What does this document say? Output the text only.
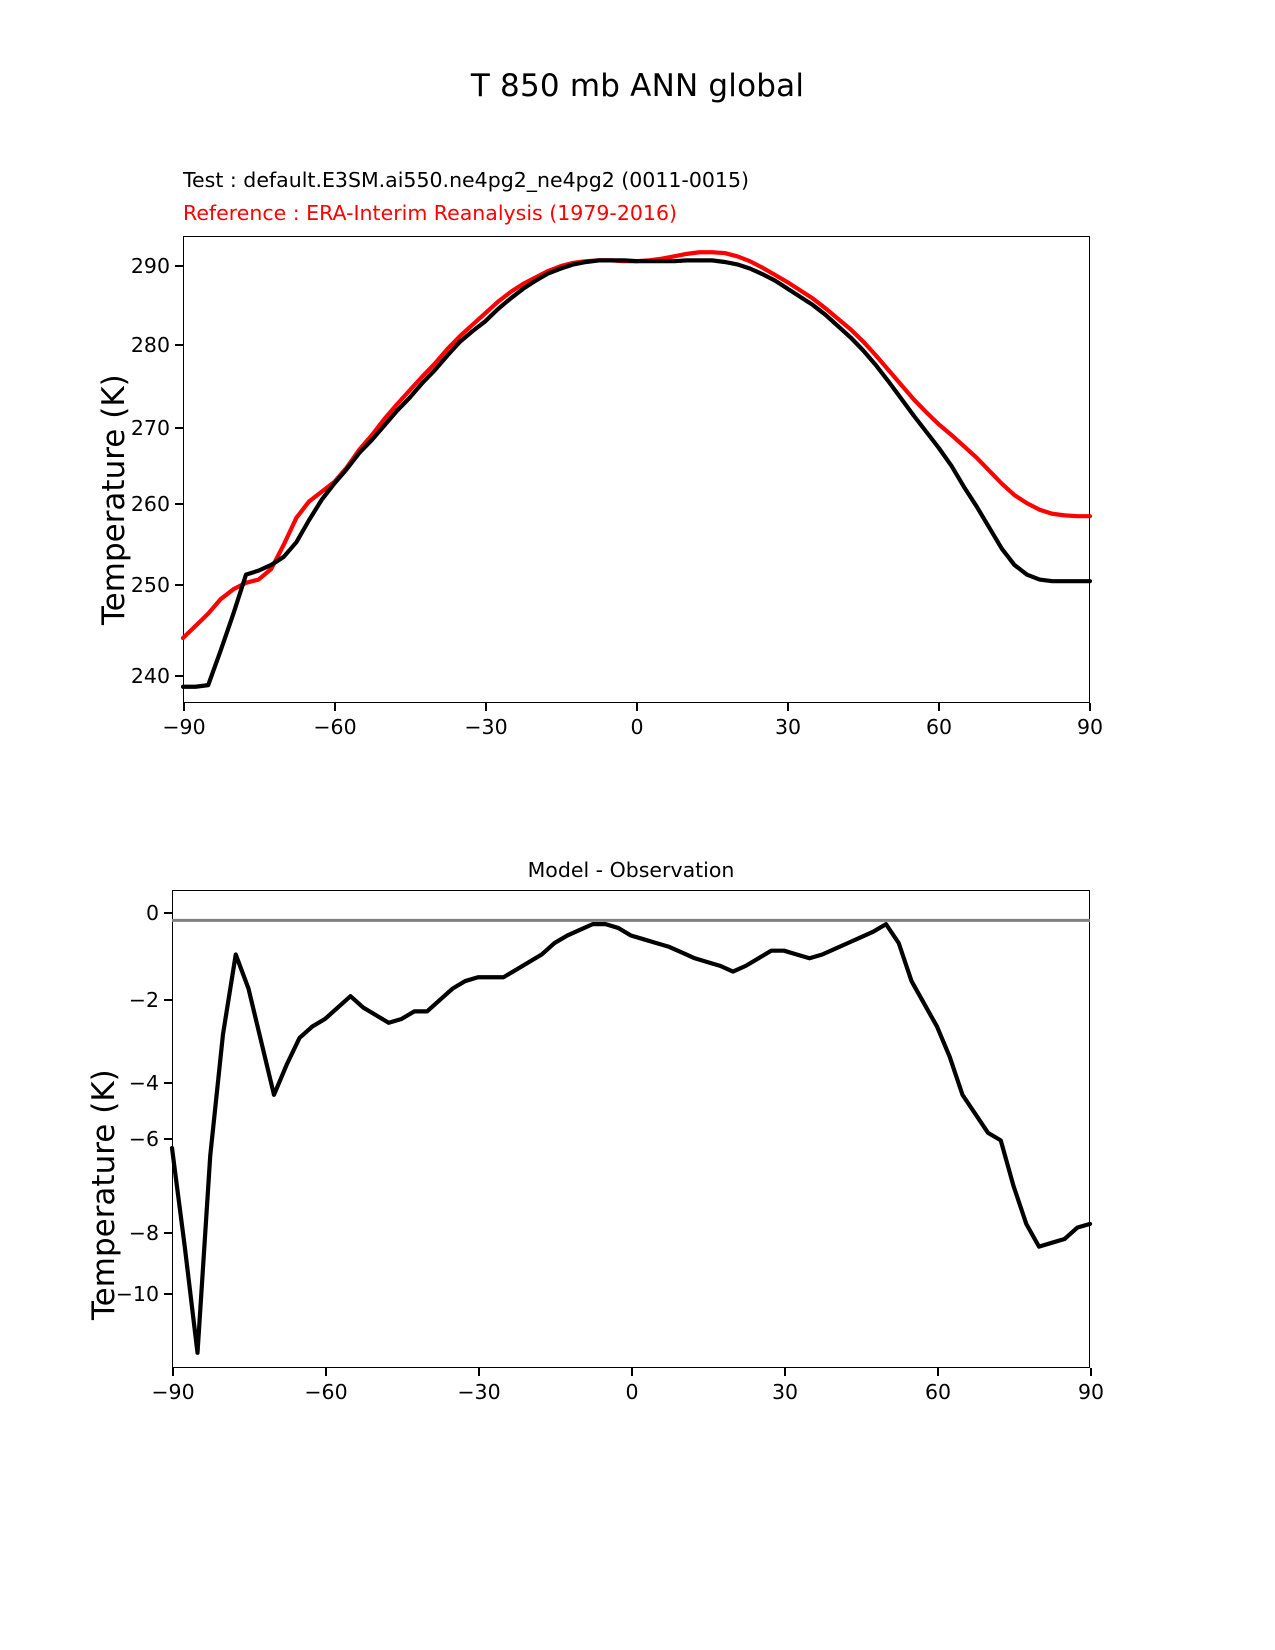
T 850 mb ANN global
Test : default.E3SM.ai550.ne4pg2_ne4pg2 (0011-0015)
Reference : ERA-Interim Reanalysis (1979-2016)
Temperature (K)
240
250
260
270
280
290
−90	−60	−30	0	30	60	90
Model - Observation
Temperature (K)
−10
−8
−6
−4
−2
0
−90	−60	−30	0	30	60	90
